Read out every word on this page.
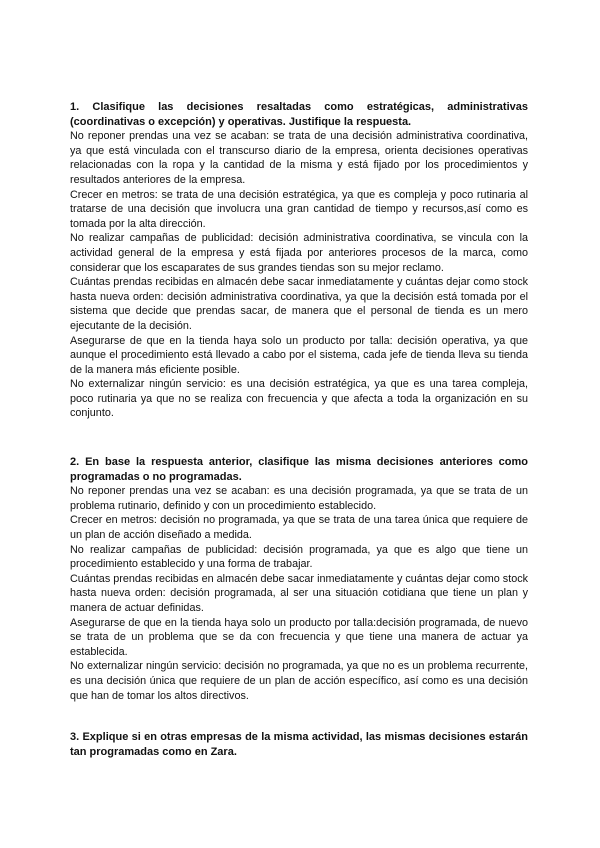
1. Clasifique las decisiones resaltadas como estratégicas, administrativas (coordinativas o excepción) y operativas. Justifique la respuesta.

No reponer prendas una vez se acaban: se trata de una decisión administrativa coordinativa, ya que está vinculada con el transcurso diario de la empresa, orienta decisiones operativas relacionadas con la ropa y la cantidad de la misma y está fijado por los procedimientos y resultados anteriores de la empresa.

Crecer en metros: se trata de una decisión estratégica, ya que es compleja y poco rutinaria al tratarse de una decisión que involucra una gran cantidad de tiempo y recursos,así como es tomada por la alta dirección.

No realizar campañas de publicidad: decisión administrativa coordinativa, se vincula con la actividad general de la empresa y está fijada por anteriores procesos de la marca, como considerar que los escaparates de sus grandes tiendas son su mejor reclamo.

Cuántas prendas recibidas en almacén debe sacar inmediatamente y cuántas dejar como stock hasta nueva orden: decisión administrativa coordinativa, ya que la decisión está tomada por el sistema que decide que prendas sacar, de manera que el personal de tienda es un mero ejecutante de la decisión.

Asegurarse de que en la tienda haya solo un producto por talla: decisión operativa, ya que aunque el procedimiento está llevado a cabo por el sistema, cada jefe de tienda lleva su tienda de la manera más eficiente posible.

No externalizar ningún servicio: es una decisión estratégica, ya que es una tarea compleja, poco rutinaria ya que no se realiza con frecuencia y que afecta a toda la organización en su conjunto.

2. En base la respuesta anterior, clasifique las misma decisiones anteriores como programadas o no programadas.

No reponer prendas una vez se acaban: es una decisión programada, ya que se trata de un problema rutinario, definido y con un procedimiento establecido.

Crecer en metros: decisión no programada, ya que se trata de una tarea única que requiere de un plan de acción diseñado a medida.

No realizar campañas de publicidad: decisión programada, ya que es algo que tiene un procedimiento establecido y una forma de trabajar.

Cuántas prendas recibidas en almacén debe sacar inmediatamente y cuántas dejar como stock hasta nueva orden: decisión programada, al ser una situación cotidiana que tiene un plan y manera de actuar definidas.

Asegurarse de que en la tienda haya solo un producto por talla:decisión programada, de nuevo se trata de un problema que se da con frecuencia y que tiene una manera de actuar ya establecida.

No externalizar ningún servicio: decisión no programada, ya que no es un problema recurrente, es una decisión única que requiere de un plan de acción específico, así como es una decisión que han de tomar los altos directivos.

3. Explique si en otras empresas de la misma actividad, las mismas decisiones estarán tan programadas como en Zara.
